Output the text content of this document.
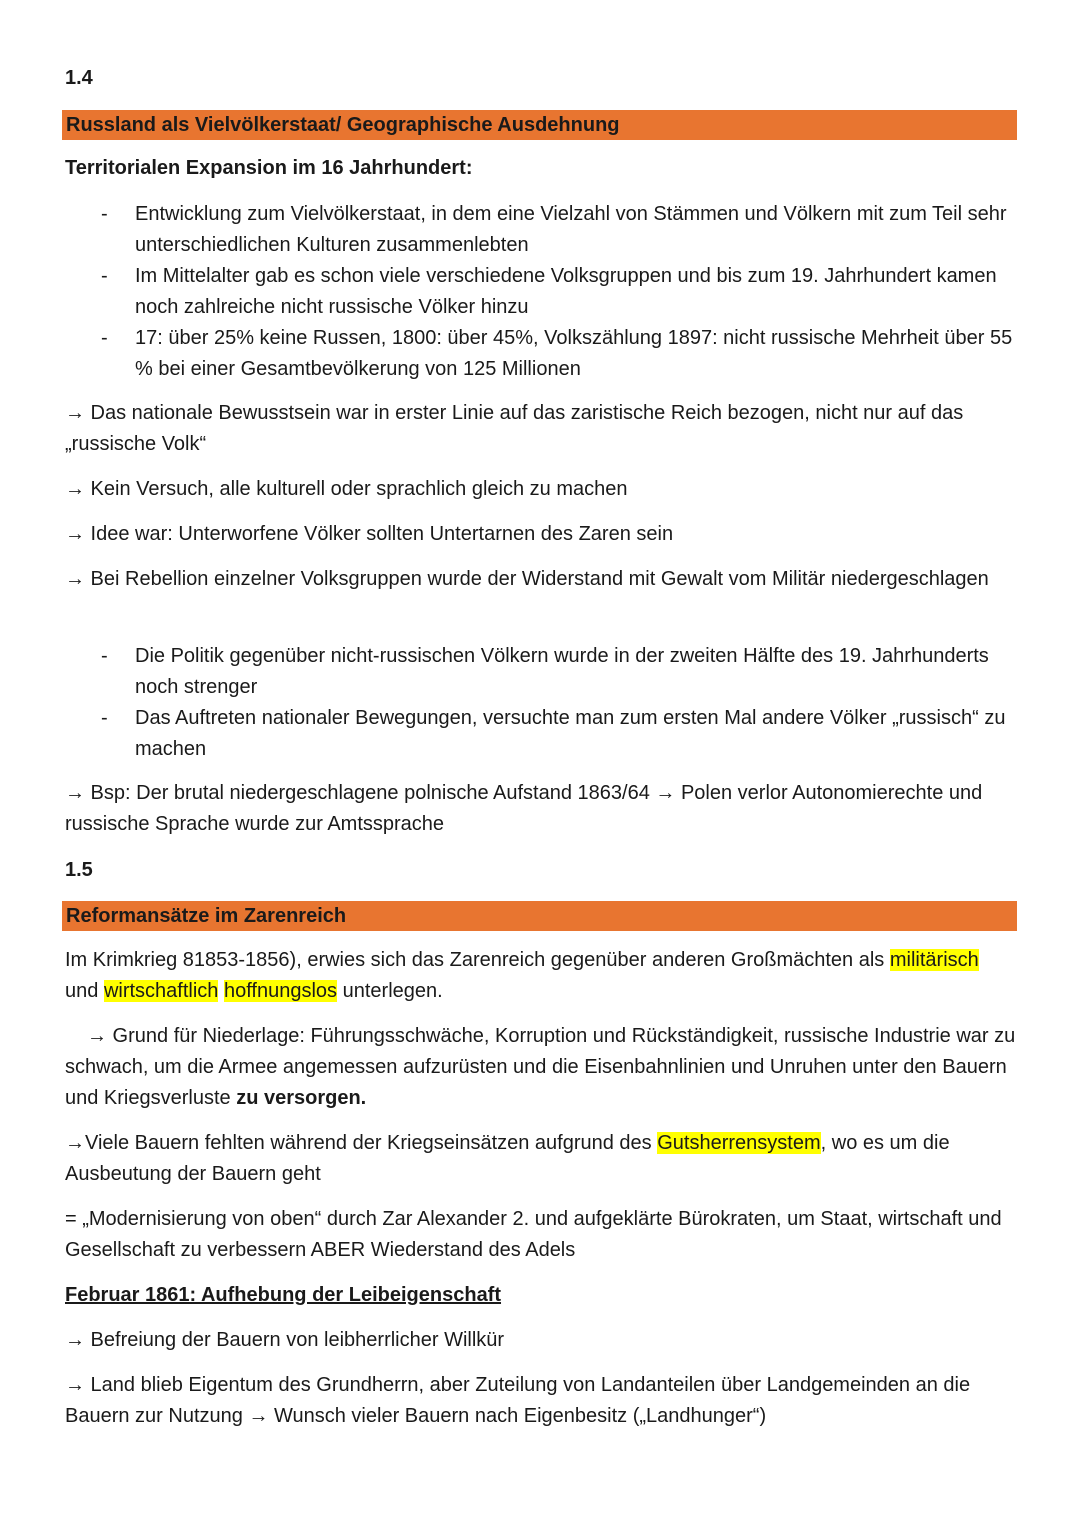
1.4
Russland als Vielvölkerstaat/ Geographische Ausdehnung
Territorialen Expansion im 16 Jahrhundert:
- Entwicklung zum Vielvölkerstaat, in dem eine Vielzahl von Stämmen und Völkern mit zum Teil sehr unterschiedlichen Kulturen zusammenlebten
- Im Mittelalter gab es schon viele verschiedene Volksgruppen und bis zum 19. Jahrhundert kamen noch zahlreiche nicht russische Völker hinzu
- 17: über 25% keine Russen, 1800: über 45%, Volkszählung 1897: nicht russische Mehrheit über 55 % bei einer Gesamtbevölkerung von 125 Millionen
→ Das nationale Bewusstsein war in erster Linie auf das zaristische Reich bezogen, nicht nur auf das „russische Volk“
→ Kein Versuch, alle kulturell oder sprachlich gleich zu machen
→ Idee war: Unterworfene Völker sollten Untertarnen des Zaren sein
→ Bei Rebellion einzelner Volksgruppen wurde der Widerstand mit Gewalt vom Militär niedergeschlagen
- Die Politik gegenüber nicht-russischen Völkern wurde in der zweiten Hälfte des 19. Jahrhunderts noch strenger
- Das Auftreten nationaler Bewegungen, versuchte man zum ersten Mal andere Völker „russisch“ zu machen
→ Bsp: Der brutal niedergeschlagene polnische Aufstand 1863/64 → Polen verlor Autonomierechte und russische Sprache wurde zur Amtssprache
1.5
Reformansätze im Zarenreich
Im Krimkrieg 81853-1856), erwies sich das Zarenreich gegenüber anderen Großmächten als militärisch und wirtschaftlich hoffnungslos unterlegen.
→ Grund für Niederlage: Führungsschwäche, Korruption und Rückständigkeit, russische Industrie war zu schwach, um die Armee angemessen aufzurüsten und die Eisenbahnlinien und Unruhen unter den Bauern und Kriegsverluste zu versorgen.
→Viele Bauern fehlten während der Kriegseinsätzen aufgrund des Gutsherrensystem, wo es um die Ausbeutung der Bauern geht
= „Modernisierung von oben“ durch Zar Alexander 2. und aufgeklärte Bürokraten, um Staat, wirtschaft und Gesellschaft zu verbessern ABER Wiederstand des Adels
Februar 1861: Aufhebung der Leibeigenschaft
→ Befreiung der Bauern von leibherrlicher Willkür
→ Land blieb Eigentum des Grundherrn, aber Zuteilung von Landanteilen über Landgemeinden an die Bauern zur Nutzung → Wunsch vieler Bauern nach Eigenbesitz („Landhunger“)
